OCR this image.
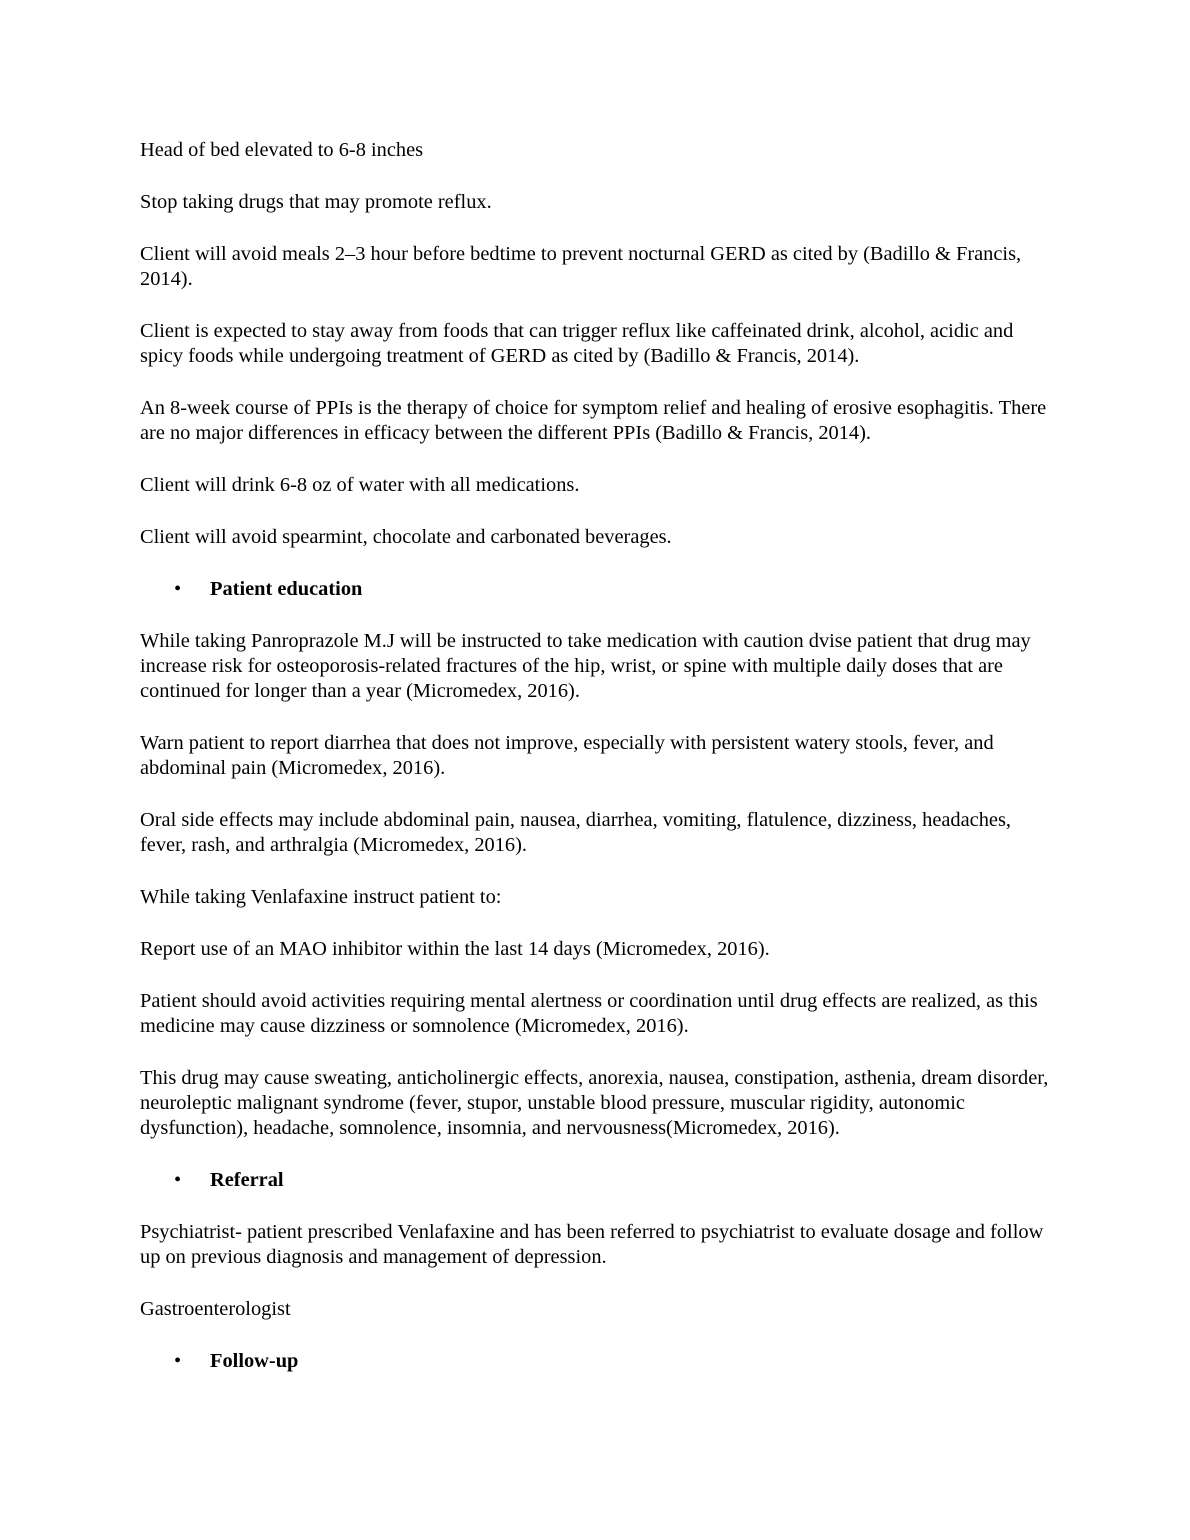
Head of bed elevated to 6-8 inches

Stop taking drugs that may promote reflux.

Client will avoid meals 2–3 hour before bedtime to prevent nocturnal GERD as cited by (Badillo & Francis, 2014).

Client is expected to stay away from foods that can trigger reflux like caffeinated drink, alcohol, acidic and spicy foods while undergoing treatment of GERD as cited by (Badillo & Francis, 2014).

An 8-week course of PPIs is the therapy of choice for symptom relief and healing of erosive esophagitis. There are no major differences in efficacy between the different PPIs (Badillo & Francis, 2014).

Client will drink 6-8 oz of water with all medications.

Client will avoid spearmint, chocolate and carbonated beverages.

• Patient education

While taking Panroprazole M.J will be instructed to take medication with caution dvise patient that drug may increase risk for osteoporosis-related fractures of the hip, wrist, or spine with multiple daily doses that are continued for longer than a year (Micromedex, 2016).

Warn patient to report diarrhea that does not improve, especially with persistent watery stools, fever, and abdominal pain (Micromedex, 2016).

Oral side effects may include abdominal pain, nausea, diarrhea, vomiting, flatulence, dizziness, headaches, fever, rash, and arthralgia (Micromedex, 2016).

While taking Venlafaxine instruct patient to:

Report use of an MAO inhibitor within the last 14 days (Micromedex, 2016).

Patient should avoid activities requiring mental alertness or coordination until drug effects are realized, as this medicine may cause dizziness or somnolence (Micromedex, 2016).

This drug may cause sweating, anticholinergic effects, anorexia, nausea, constipation, asthenia, dream disorder, neuroleptic malignant syndrome (fever, stupor, unstable blood pressure, muscular rigidity, autonomic dysfunction), headache, somnolence, insomnia, and nervousness(Micromedex, 2016).

• Referral

Psychiatrist- patient prescribed Venlafaxine and has been referred to psychiatrist to evaluate dosage and follow up on previous diagnosis and management of depression.

Gastroenterologist

• Follow-up
